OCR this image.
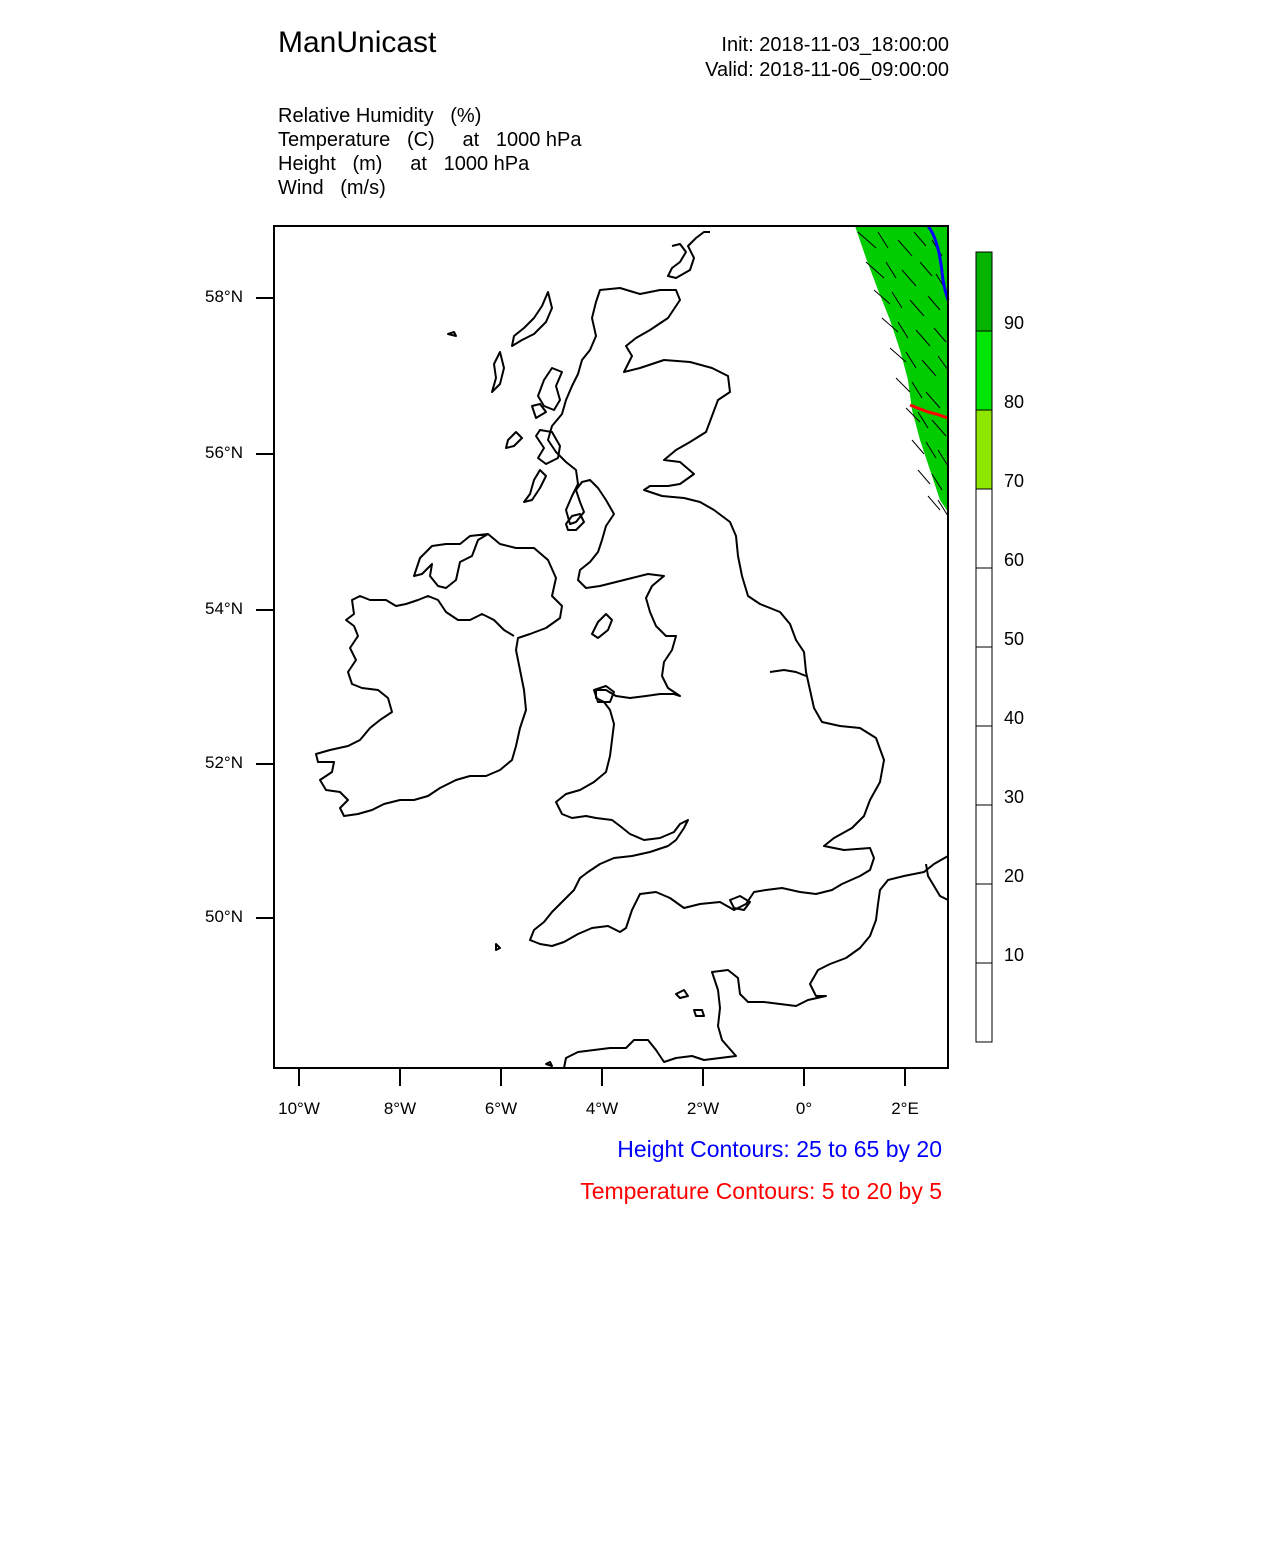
ManUnicast	Init: 2018-11-03_18:00:00
Valid: 2018-11-06_09:00:00
Relative Humidity   (%)
Temperature   (C)     at   1000 hPa
Height   (m)     at   1000 hPa
Wind   (m/s)
58°N
56°N
54°N
52°N
50°N
10°W	8°W	6°W	4°W	2°W	0°	2°E
90
80
70
60
50
40
30
20
10
Height Contours: 25 to 65 by 20
Temperature Contours: 5 to 20 by 5
